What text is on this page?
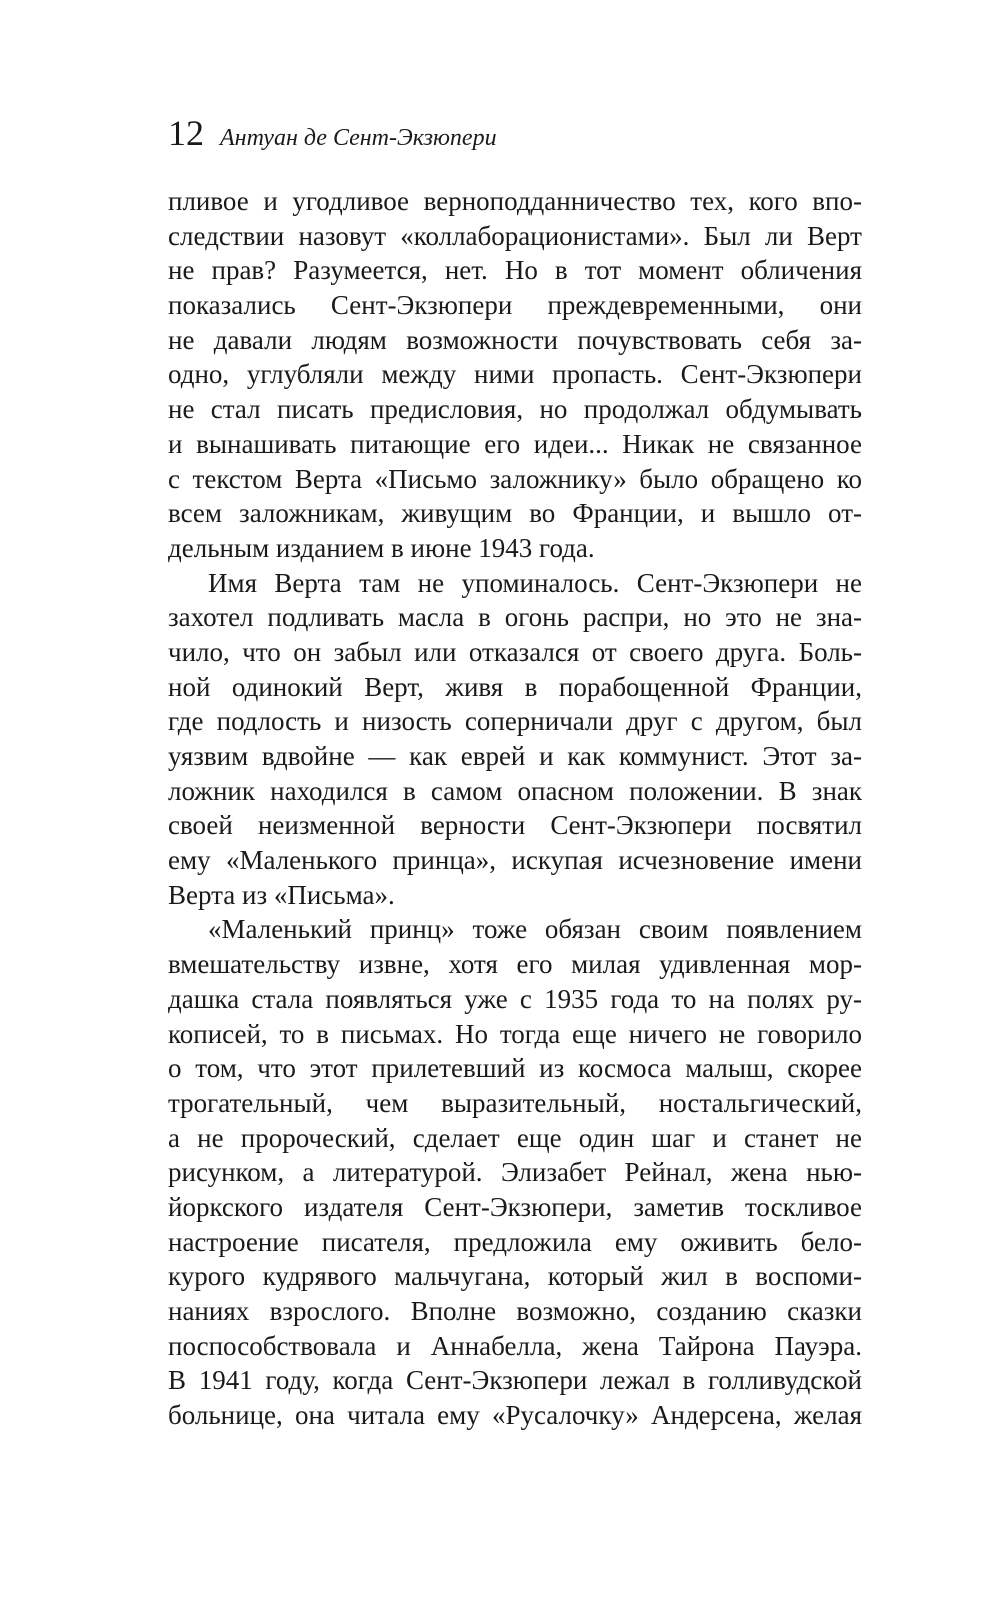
12 Антуан де Сент-Экзюпери
пливое и угодливое верноподданничество тех, кого впо-
следствии назовут «коллаборационистами». Был ли Верт
не прав? Разумеется, нет. Но в тот момент обличения
показались Сент-Экзюпери преждевременными, они
не давали людям возможности почувствовать себя за-
одно, углубляли между ними пропасть. Сент-Экзюпери
не стал писать предисловия, но продолжал обдумывать
и вынашивать питающие его идеи... Никак не связанное
с текстом Верта «Письмо заложнику» было обращено ко
всем заложникам, живущим во Франции, и вышло от-
дельным изданием в июне 1943 года.
Имя Верта там не упоминалось. Сент-Экзюпери не
захотел подливать масла в огонь распри, но это не зна-
чило, что он забыл или отказался от своего друга. Боль-
ной одинокий Верт, живя в порабощенной Франции,
где подлость и низость соперничали друг с другом, был
уязвим вдвойне — как еврей и как коммунист. Этот за-
ложник находился в самом опасном положении. В знак
своей неизменной верности Сент-Экзюпери посвятил
ему «Маленького принца», искупая исчезновение имени
Верта из «Письма».
«Маленький принц» тоже обязан своим появлением
вмешательству извне, хотя его милая удивленная мор-
дашка стала появляться уже с 1935 года то на полях ру-
кописей, то в письмах. Но тогда еще ничего не говорило
о том, что этот прилетевший из космоса малыш, скорее
трогательный, чем выразительный, ностальгический,
а не пророческий, сделает еще один шаг и станет не
рисунком, а литературой. Элизабет Рейнал, жена нью-
йоркского издателя Сент-Экзюпери, заметив тоскливое
настроение писателя, предложила ему оживить бело-
курого кудрявого мальчугана, который жил в воспоми-
наниях взрослого. Вполне возможно, созданию сказки
поспособствовала и Аннабелла, жена Тайрона Пауэра.
В 1941 году, когда Сент-Экзюпери лежал в голливудской
больнице, она читала ему «Русалочку» Андерсена, желая
